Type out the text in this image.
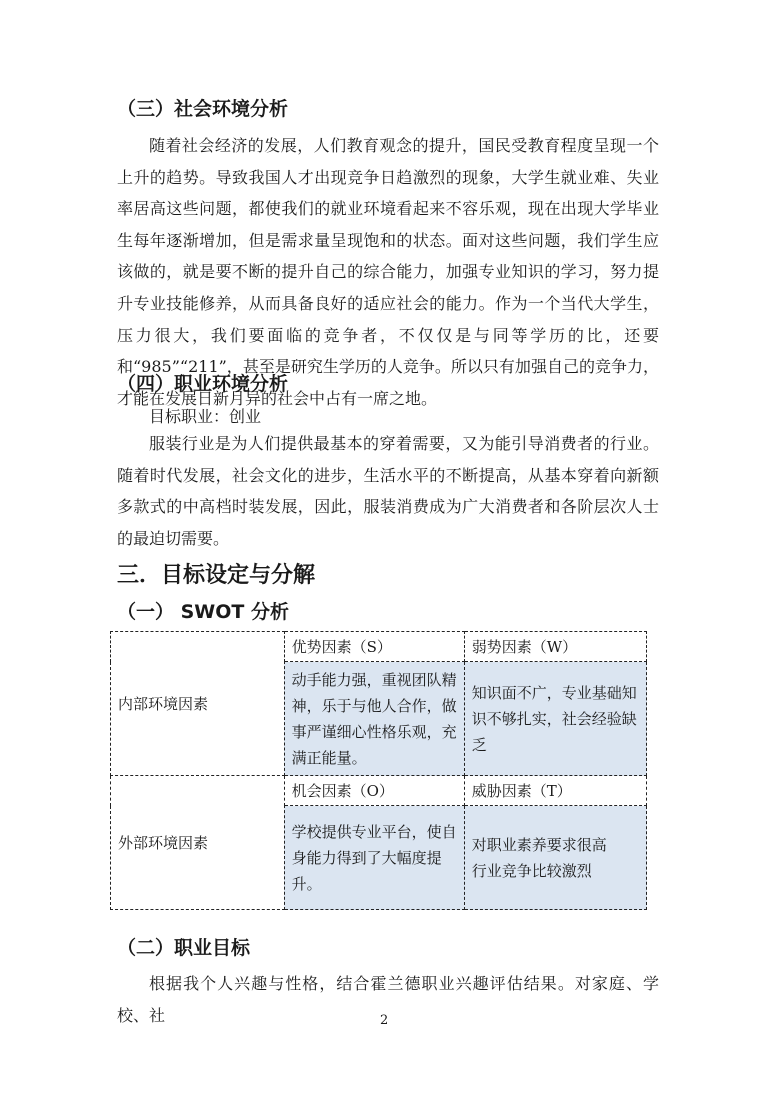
（三）社会环境分析

随着社会经济的发展，人们教育观念的提升，国民受教育程度呈现一个上升的趋势。导致我国人才出现竞争日趋激烈的现象，大学生就业难、失业率居高这些问题，都使我们的就业环境看起来不容乐观，现在出现大学毕业生每年逐渐增加，但是需求量呈现饱和的状态。面对这些问题，我们学生应该做的，就是要不断的提升自己的综合能力，加强专业知识的学习，努力提升专业技能修养，从而具备良好的适应社会的能力。作为一个当代大学生，压力很大，我们要面临的竞争者，不仅仅是与同等学历的比，还要和“985”“211”，甚至是研究生学历的人竞争。所以只有加强自己的竞争力，才能在发展日新月异的社会中占有一席之地。

（四）职业环境分析
目标职业：创业

服装行业是为人们提供最基本的穿着需要，又为能引导消费者的行业。随着时代发展，社会文化的进步，生活水平的不断提高，从基本穿着向新额多款式的中高档时装发展，因此，服装消费成为广大消费者和各阶层次人士的最迫切需要。

三．目标设定与分解
（一） SWOT 分析
内部环境因素	优势因素（S）	弱势因素（W）
	动手能力强，重视团队精神，乐于与他人合作，做事严谨细心性格乐观，充满正能量。	知识面不广，专业基础知识不够扎实，社会经验缺乏
外部环境因素	机会因素（O）	威胁因素（T）
	学校提供专业平台，使自身能力得到了大幅度提升。	对职业素养要求很高
行业竞争比较激烈
（二）职业目标

根据我个人兴趣与性格，结合霍兰德职业兴趣评估结果。对家庭、学校、社	2
